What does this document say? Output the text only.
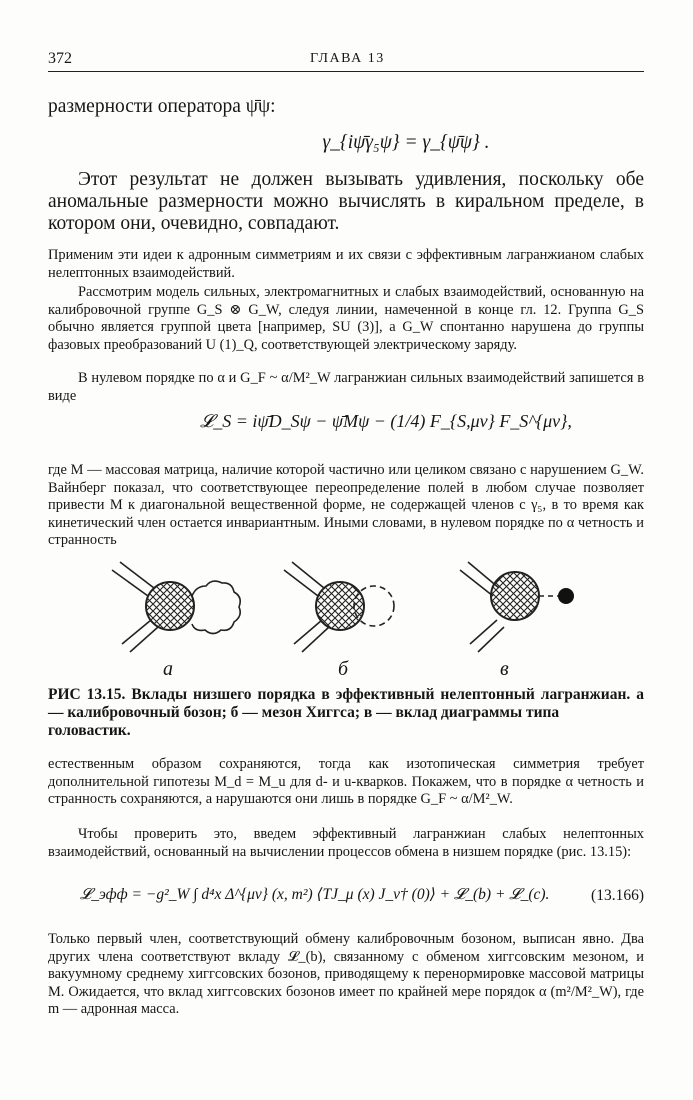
372	ГЛАВА 13
размерности оператора ψ̄ψ:
γ_{iψ̄γ₅ψ} = γ_{ψ̄ψ} .

Этот результат не должен вызывать удивления, поскольку обе аномальные размерности можно вычислять в киральном пределе, в котором они, очевидно, совпадают.

Применим эти идеи к адронным симметриям и их связи с эффективным лагранжианом слабых нелептонных взаимодействий.

Рассмотрим модель сильных, электромагнитных и слабых взаимодействий, основанную на калибровочной группе G_S ⊗ G_W, следуя линии, намеченной в конце гл. 12. Группа G_S обычно является группой цвета [например, SU (3)], а G_W спонтанно нарушена до группы фазовых преобразований U (1)_Q, соответствующей электрическому заряду.

В нулевом порядке по α и G_F ~ α/M²_W лагранжиан сильных взаимодействий запишется в виде

𝓛_S = iψ̄D_Sψ − ψ̄Mψ − (1/4) F_{S,μν} F_S^{μν},

где M — массовая матрица, наличие которой частично или целиком связано с нарушением G_W. Вайнберг показал, что соответствующее переопределение полей в любом случае позволяет привести M к диагональной вещественной форме, не содержащей членов с γ₅, в то время как кинетический член остается инвариантным. Иными словами, в нулевом порядке по α четность и странность

а	б	в

РИС 13.15. Вклады низшего порядка в эффективный нелептонный лагранжиан. а — калибровочный бозон; б — мезон Хиггса; в — вклад диаграммы типа

головастик.

естественным образом сохраняются, тогда как изотопическая симметрия требует дополнительной гипотезы M_d = M_u для d- и u-кварков. Покажем, что в порядке α четность и странность сохраняются, а нарушаются они лишь в порядке G_F ~ α/M²_W.

Чтобы проверить это, введем эффективный лагранжиан слабых нелептонных взаимодействий, основанный на вычислении процессов обмена в низшем порядке (рис. 13.15):

𝓛_эфф = −g²_W ∫ d⁴x Δ^{μν} (x, m²) ⟨TJ_μ (x) J_ν† (0)⟩ + 𝓛_(b) + 𝓛_(c).	(13.166)

Только первый член, соответствующий обмену калибровочным бозоном, выписан явно. Два других члена соответствуют вкладу 𝓛_(b), связанному с обменом хиггсовским мезоном, и вакуумному среднему хиггсовских бозонов, приводящему к перенормировке массовой матрицы M. Ожидается, что вклад хиггсовских бозонов имеет по крайней мере порядок α (m²/M²_W), где m — адронная масса.
